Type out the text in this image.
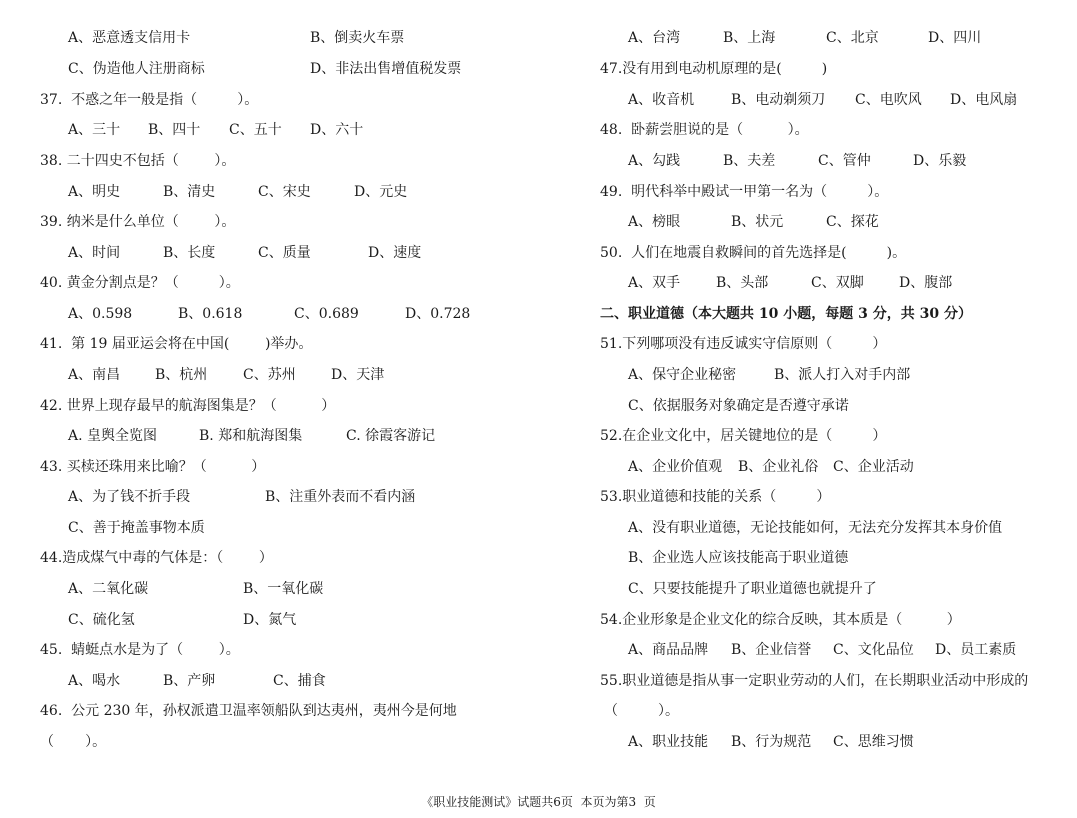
A、恶意透支信用卡	B、倒卖火车票
C、伪造他人注册商标	D、非法出售增值税发票
37.  不惑之年一般是指（         ）。
A、三十 B、四十 C、五十 D、六十
38. 二十四史不包括（        ）。
A、明史	B、清史	C、宋史	D、元史
39. 纳米是什么单位（        ）。
A、时间	B、长度	C、质量	D、速度
40. 黄金分割点是？（         ）。
A、0.598	B、0.618	C、0.689	D、0.728
41.  第 19 届亚运会将在中国(        )举办。
A、南昌 B、杭州	C、苏州	D、天津
42. 世界上现存最早的航海图集是？（          ）
A. 皇舆全览图	B. 郑和航海图集	C. 徐霞客游记
43. 买椟还珠用来比喻？（          ）
A、为了钱不折手段	B、注重外表而不看内涵
C、善于掩盖事物本质
44.造成煤气中毒的气体是：（        ）
A、二氧化碳	B、一氧化碳
C、硫化氢	D、氮气
45.  蜻蜓点水是为了（        ）。
A、喝水	B、产卵	C、捕食
46.  公元 230 年，孙权派遣卫温率领船队到达夷州，夷州今是何地
（       ）。
A、台湾	B、上海	C、北京	D、四川
47.没有用到电动机原理的是(         )
A、收音机	B、电动剃须刀 C、电吹风 D、电风扇
48.  卧薪尝胆说的是（          ）。
A、勾践	B、夫差	C、管仲	D、乐毅
49.  明代科举中殿试一甲第一名为（         ）。
A、榜眼	B、状元	C、探花
50.  人们在地震自救瞬间的首先选择是(         )。
A、双手	B、头部	C、双脚	D、腹部
二、职业道德（本大题共 10 小题，每题 3 分，共 30 分）
51.下列哪项没有违反诚实守信原则（         ）
A、保守企业秘密	B、派人打入对手内部
C、依据服务对象确定是否遵守承诺
52.在企业文化中，居关键地位的是（         ）
A、企业价值观 B、企业礼俗 C、企业活动
53.职业道德和技能的关系（         ）
A、没有职业道德，无论技能如何，无法充分发挥其本身价值
B、企业选人应该技能高于职业道德
C、只要技能提升了职业道德也就提升了
54.企业形象是企业文化的综合反映，其本质是（          ）
A、商品品牌 B、企业信誉 C、文化品位 D、员工素质
55.职业道德是指从事一定职业劳动的人们，在长期职业活动中形成的
（         ）。
A、职业技能 B、行为规范 C、思维习惯
《职业技能测试》试题共6页  本页为第3  页
